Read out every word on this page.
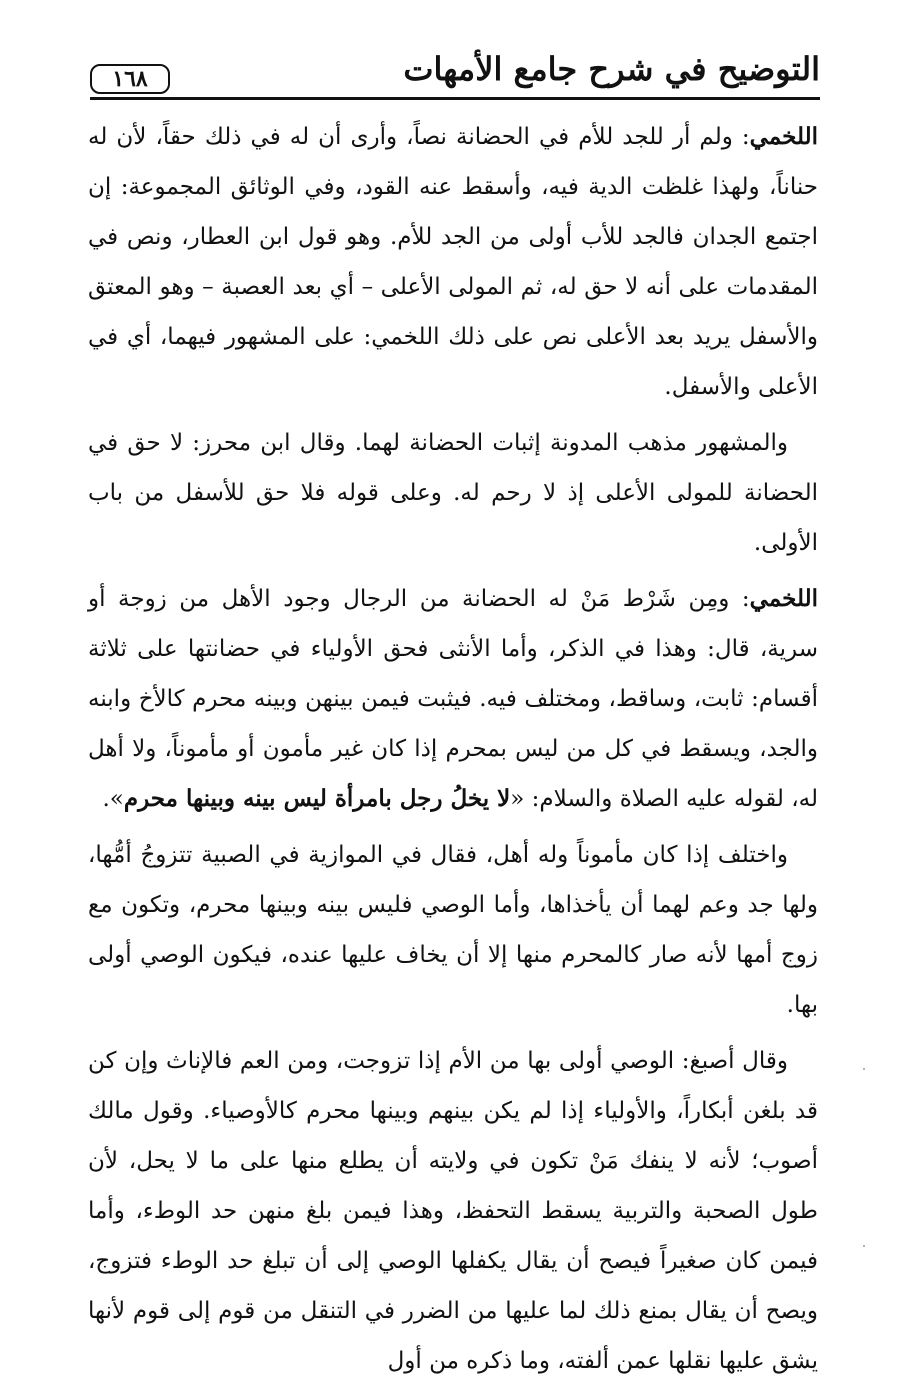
١٦٨	التوضيح في شرح جامع الأمهات

اللخمي: ولم أر للجد للأم في الحضانة نصاً، وأرى أن له في ذلك حقاً، لأن له حناناً، ولهذا غلظت الدية فيه، وأسقط عنه القود، وفي الوثائق المجموعة: إن اجتمع الجدان فالجد للأب أولى من الجد للأم. وهو قول ابن العطار، ونص في المقدمات على أنه لا حق له، ثم المولى الأعلى – أي بعد العصبة – وهو المعتق والأسفل يريد بعد الأعلى نص على ذلك اللخمي: على المشهور فيهما، أي في الأعلى والأسفل.

والمشهور مذهب المدونة إثبات الحضانة لهما. وقال ابن محرز: لا حق في الحضانة للمولى الأعلى إذ لا رحم له. وعلى قوله فلا حق للأسفل من باب الأولى.

اللخمي: ومِن شَرْط مَنْ له الحضانة من الرجال وجود الأهل من زوجة أو سرية، قال: وهذا في الذكر، وأما الأنثى فحق الأولياء في حضانتها على ثلاثة أقسام: ثابت، وساقط، ومختلف فيه. فيثبت فيمن بينهن وبينه محرم كالأخ وابنه والجد، ويسقط في كل من ليس بمحرم إذا كان غير مأمون أو مأموناً، ولا أهل له، لقوله عليه الصلاة والسلام: «لا يخلُ رجل بامرأة ليس بينه وبينها محرم».

واختلف إذا كان مأموناً وله أهل، فقال في الموازية في الصبية تتزوجُ أمُّها، ولها جد وعم لهما أن يأخذاها، وأما الوصي فليس بينه وبينها محرم، وتكون مع زوج أمها لأنه صار كالمحرم منها إلا أن يخاف عليها عنده، فيكون الوصي أولى بها.

وقال أصبغ: الوصي أولى بها من الأم إذا تزوجت، ومن العم فالإناث وإن كن قد بلغن أبكاراً، والأولياء إذا لم يكن بينهم وبينها محرم كالأوصياء. وقول مالك أصوب؛ لأنه لا ينفك مَنْ تكون في ولايته أن يطلع منها على ما لا يحل، لأن طول الصحبة والتربية يسقط التحفظ، وهذا فيمن بلغ منهن حد الوطء، وأما فيمن كان صغيراً فيصح أن يقال يكفلها الوصي إلى أن تبلغ حد الوطء فتزوج، ويصح أن يقال بمنع ذلك لما عليها من الضرر في التنقل من قوم إلى قوم لأنها يشق عليها نقلها عمن ألفته، وما ذكره من أول
